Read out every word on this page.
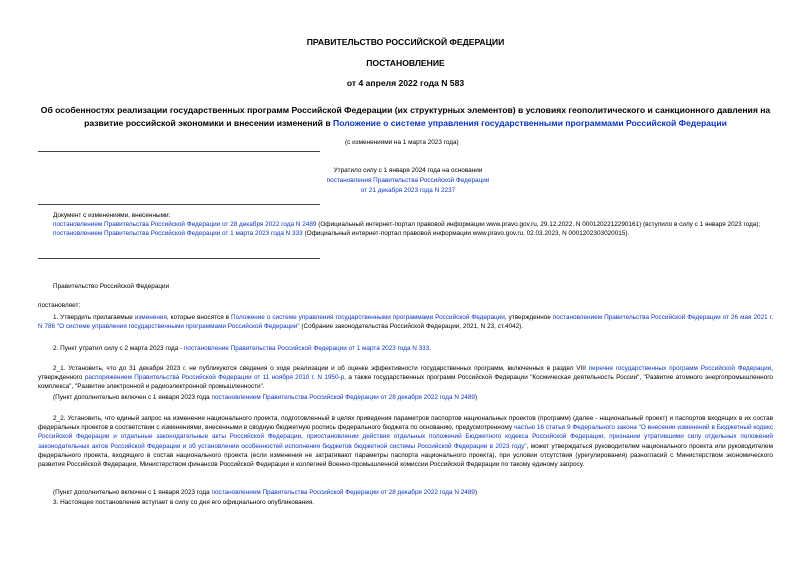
ПРАВИТЕЛЬСТВО РОССИЙСКОЙ ФЕДЕРАЦИИ
ПОСТАНОВЛЕНИЕ
от 4 апреля 2022 года N 583
Об особенностях реализации государственных программ Российской Федерации (их структурных элементов) в условиях геополитического и санкционного давления на развитие российской экономики и внесении изменений в Положение о системе управления государственными программами Российской Федерации
(с изменениями на 1 марта 2023 года)
Утратило силу с 1 января 2024 года на основании
постановления Правительства Российской Федерации
от 21 декабря 2023 года N 2237
Документ с изменениями, внесенными:
постановлением Правительства Российской Федерации от 28 декабря 2022 года N 2489 (Официальный интернет-портал правовой информации www.pravo.gov.ru, 29.12.2022, N 0001202212290161) (вступило в силу с 1 января 2023 года);
постановлением Правительства Российской Федерации от 1 марта 2023 года N 333 (Официальный интернет-портал правовой информации www.pravo.gov.ru, 02.03.2023, N 0001202303020015).
Правительство Российской Федерации
постановляет:
1. Утвердить прилагаемые изменения, которые вносятся в Положение о системе управления государственными программами Российской Федерации, утвержденное постановлением Правительства Российской Федерации от 26 мая 2021 г. N 786 "О системе управления государственными программами Российской Федерации" (Собрание законодательства Российской Федерации, 2021, N 23, ст.4042).
2. Пункт утратил силу с 2 марта 2023 года - постановление Правительства Российской Федерации от 1 марта 2023 года N 333.
2_1. Установить, что до 31 декабря 2023 г. не публикуются сведения о ходе реализации и об оценке эффективности государственных программ, включенных в раздел VIII перечня государственных программ Российской Федерации, утвержденного распоряжением Правительства Российской Федерации от 11 ноября 2010 г. N 1950-р, а также государственных программ Российской Федерации "Космическая деятельность России", "Развитие атомного энергопромышленного комплекса", "Развитие электронной и радиоэлектронной промышленности".
(Пункт дополнительно включен с 1 января 2023 года постановлением Правительства Российской Федерации от 28 декабря 2022 года N 2489)
2_2. Установить, что единый запрос на изменение национального проекта, подготовленный в целях приведения параметров паспортов национальных проектов (программ) (далее - национальный проект) и паспортов входящих в их состав федеральных проектов в соответствии с изменениями, внесенными в сводную бюджетную роспись федерального бюджета по основанию, предусмотренному частью 16 статьи 9 Федерального закона "О внесении изменений в Бюджетный кодекс Российской Федерации и отдельные законодательные акты Российской Федерации, приостановлении действия отдельных положений Бюджетного кодекса Российской Федерации, признании утратившими силу отдельных положений законодательных актов Российской Федерации и об установлении особенностей исполнения бюджетов бюджетной системы Российской Федерации в 2023 году", может утверждаться руководителем национального проекта или руководителем федерального проекта, входящего в состав национального проекта (если изменения не затрагивают параметры паспорта национального проекта), при условии отсутствия (урегулирования) разногласий с Министерством экономического развития Российской Федерации, Министерством финансов Российской Федерации и коллегией Военно-промышленной комиссии Российской Федерации по такому единому запросу.
(Пункт дополнительно включен с 1 января 2023 года постановлением Правительства Российской Федерации от 28 декабря 2022 года N 2489)
3. Настоящее постановление вступает в силу со дня его официального опубликования.
